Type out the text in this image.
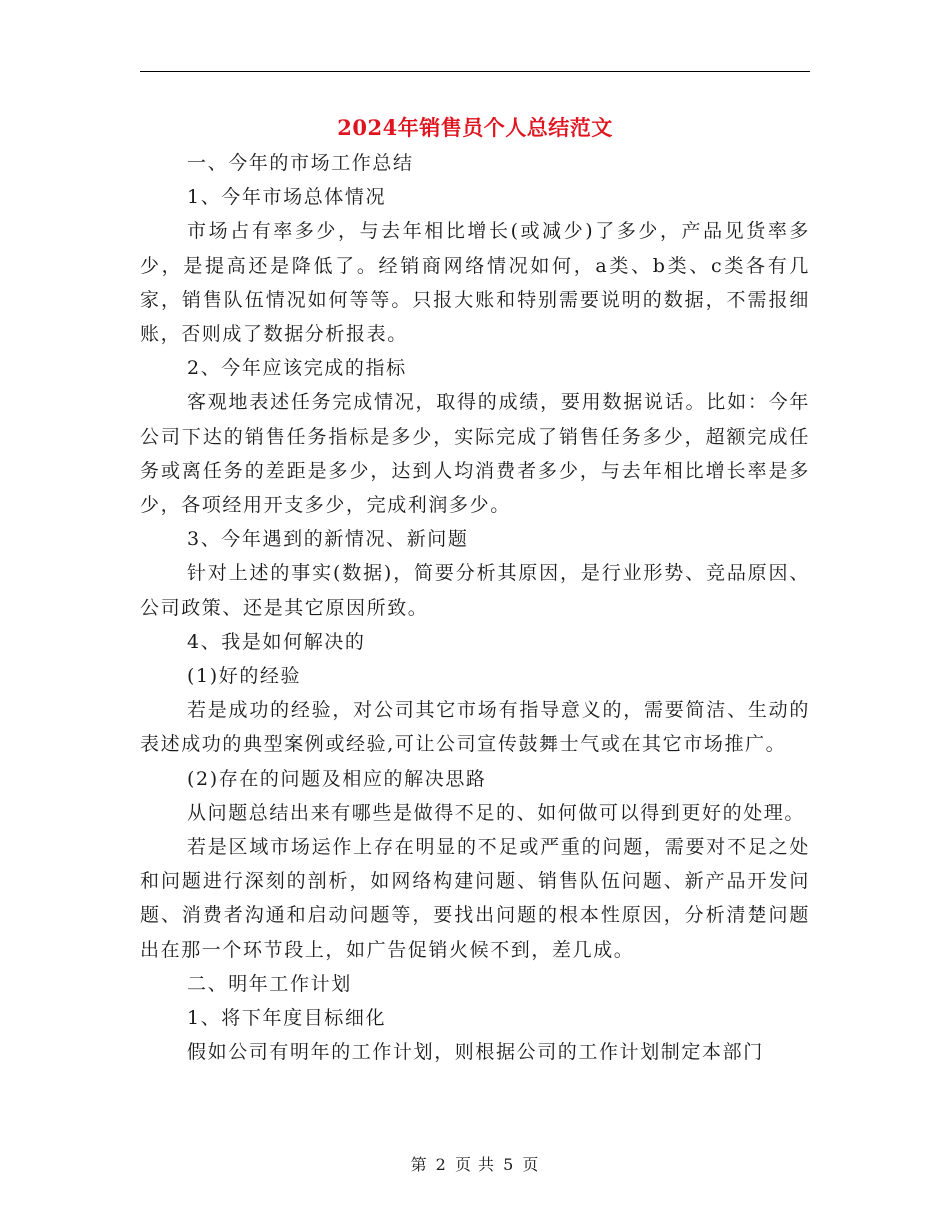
2024年销售员个人总结范文

一、今年的市场工作总结

1、今年市场总体情况

市场占有率多少，与去年相比增长(或减少)了多少，产品见货率多少，是提高还是降低了。经销商网络情况如何，a类、b类、c类各有几家，销售队伍情况如何等等。只报大账和特别需要说明的数据，不需报细账，否则成了数据分析报表。

2、今年应该完成的指标

客观地表述任务完成情况，取得的成绩，要用数据说话。比如：今年公司下达的销售任务指标是多少，实际完成了销售任务多少，超额完成任务或离任务的差距是多少，达到人均消费者多少，与去年相比增长率是多少，各项经用开支多少，完成利润多少。

3、今年遇到的新情况、新问题

针对上述的事实(数据)，简要分析其原因，是行业形势、竞品原因、公司政策、还是其它原因所致。

4、我是如何解决的

(1)好的经验

若是成功的经验，对公司其它市场有指导意义的，需要简洁、生动的表述成功的典型案例或经验,可让公司宣传鼓舞士气或在其它市场推广。

(2)存在的问题及相应的解决思路

从问题总结出来有哪些是做得不足的、如何做可以得到更好的处理。

若是区域市场运作上存在明显的不足或严重的问题，需要对不足之处和问题进行深刻的剖析，如网络构建问题、销售队伍问题、新产品开发问题、消费者沟通和启动问题等，要找出问题的根本性原因，分析清楚问题出在那一个环节段上，如广告促销火候不到，差几成。

二、明年工作计划

1、将下年度目标细化

假如公司有明年的工作计划，则根据公司的工作计划制定本部门

第 2 页 共 5 页
